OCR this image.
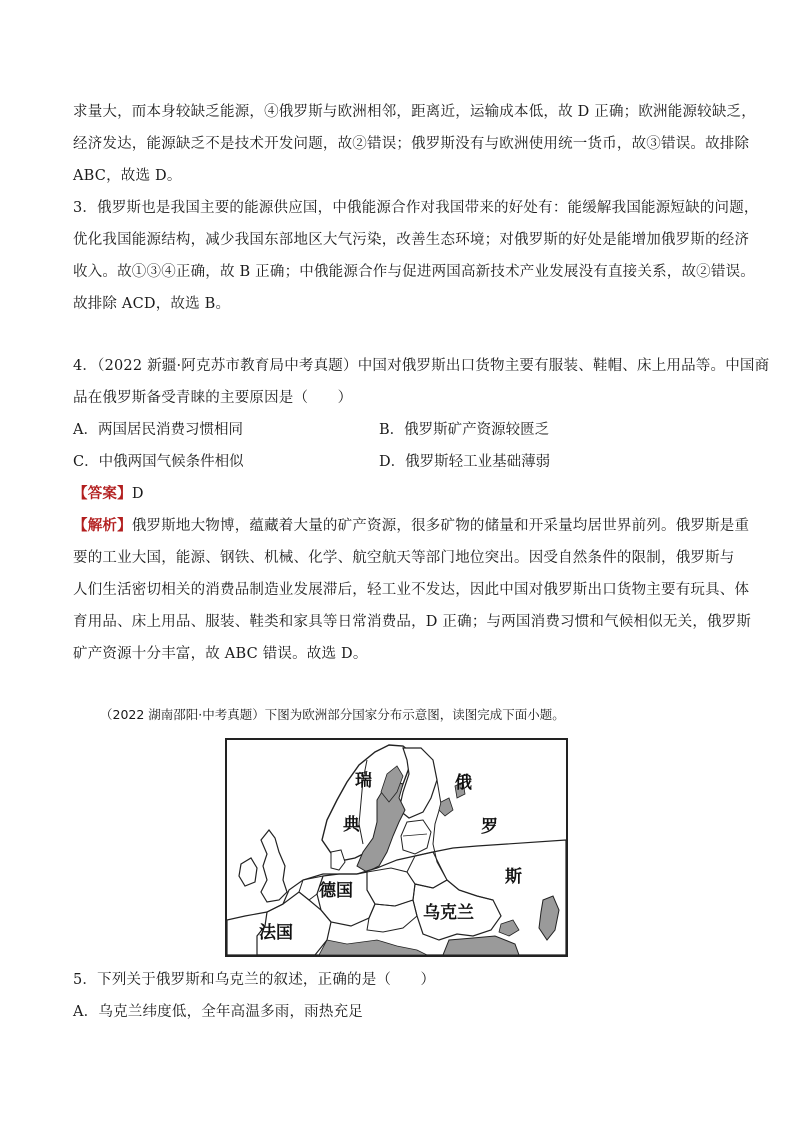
求量大，而本身较缺乏能源，④俄罗斯与欧洲相邻，距离近，运输成本低，故 D 正确；欧洲能源较缺乏，
经济发达，能源缺乏不是技术开发问题，故②错误；俄罗斯没有与欧洲使用统一货币，故③错误。故排除
ABC，故选 D。
3．俄罗斯也是我国主要的能源供应国，中俄能源合作对我国带来的好处有：能缓解我国能源短缺的问题，
优化我国能源结构，减少我国东部地区大气污染，改善生态环境；对俄罗斯的好处是能增加俄罗斯的经济
收入。故①③④正确，故 B 正确；中俄能源合作与促进两国高新技术产业发展没有直接关系，故②错误。
故排除 ACD，故选 B。
4．（2022 新疆·阿克苏市教育局中考真题）中国对俄罗斯出口货物主要有服装、鞋帽、床上用品等。中国商
品在俄罗斯备受青睐的主要原因是（　　）
A．两国居民消费习惯相同	B．俄罗斯矿产资源较匮乏
C．中俄两国气候条件相似	D．俄罗斯轻工业基础薄弱
【答案】D
【解析】俄罗斯地大物博，蕴藏着大量的矿产资源，很多矿物的储量和开采量均居世界前列。俄罗斯是重
要的工业大国，能源、钢铁、机械、化学、航空航天等部门地位突出。因受自然条件的限制，俄罗斯与
人们生活密切相关的消费品制造业发展滞后，轻工业不发达，因此中国对俄罗斯出口货物主要有玩具、体
育用品、床上用品、服装、鞋类和家具等日常消费品，D 正确；与两国消费习惯和气候相似无关，俄罗斯
矿产资源十分丰富，故 ABC 错误。故选 D。
（2022 湖南邵阳·中考真题）下图为欧洲部分国家分布示意图，读图完成下面小题。
瑞
典
俄
罗
斯
德国
乌克兰
法国
5．下列关于俄罗斯和乌克兰的叙述，正确的是（　　）
A．乌克兰纬度低，全年高温多雨，雨热充足
